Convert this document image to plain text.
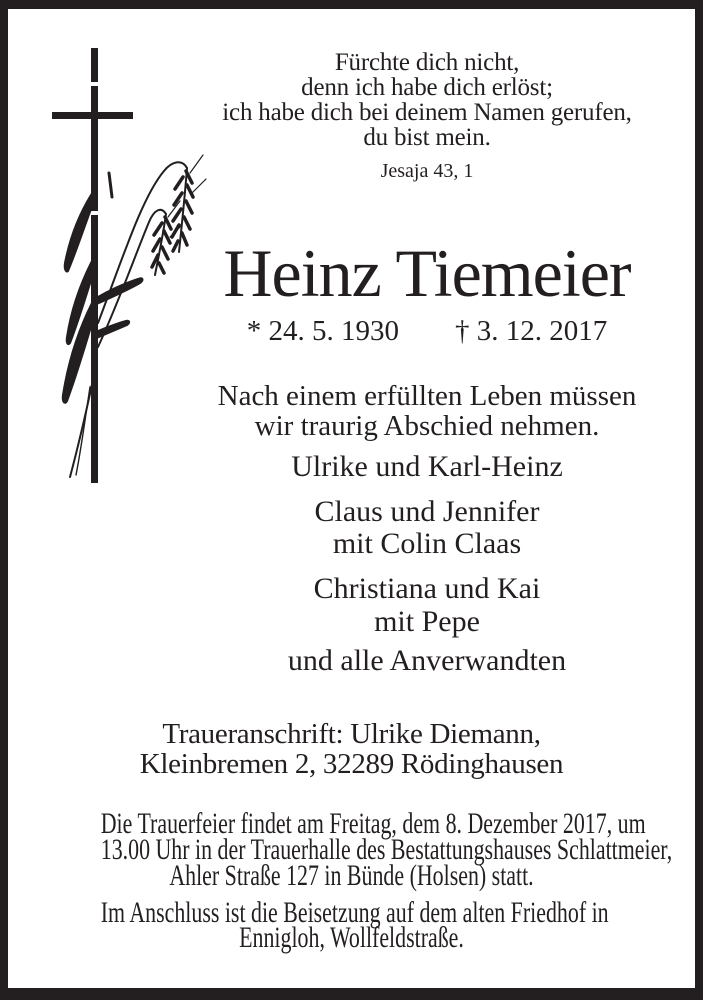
Fürchte dich nicht,
denn ich habe dich erlöst;
ich habe dich bei deinem Namen gerufen,
du bist mein.
Jesaja 43, 1
Heinz Tiemeier
* 24. 5. 1930 † 3. 12. 2017
Nach einem erfüllten Leben müssen
wir traurig Abschied nehmen.
Ulrike und Karl-Heinz
Claus und Jennifer
mit Colin Claas
Christiana und Kai
mit Pepe
und alle Anverwandten
Traueranschrift: Ulrike Diemann,
Kleinbremen 2, 32289 Rödinghausen
Die Trauerfeier findet am Freitag, dem 8. Dezember 2017, um
13.00 Uhr in der Trauerhalle des Bestattungshauses Schlattmeier,
Ahler Straße 127 in Bünde (Holsen) statt.
Im Anschluss ist die Beisetzung auf dem alten Friedhof in
Ennigloh, Wollfeldstraße.
